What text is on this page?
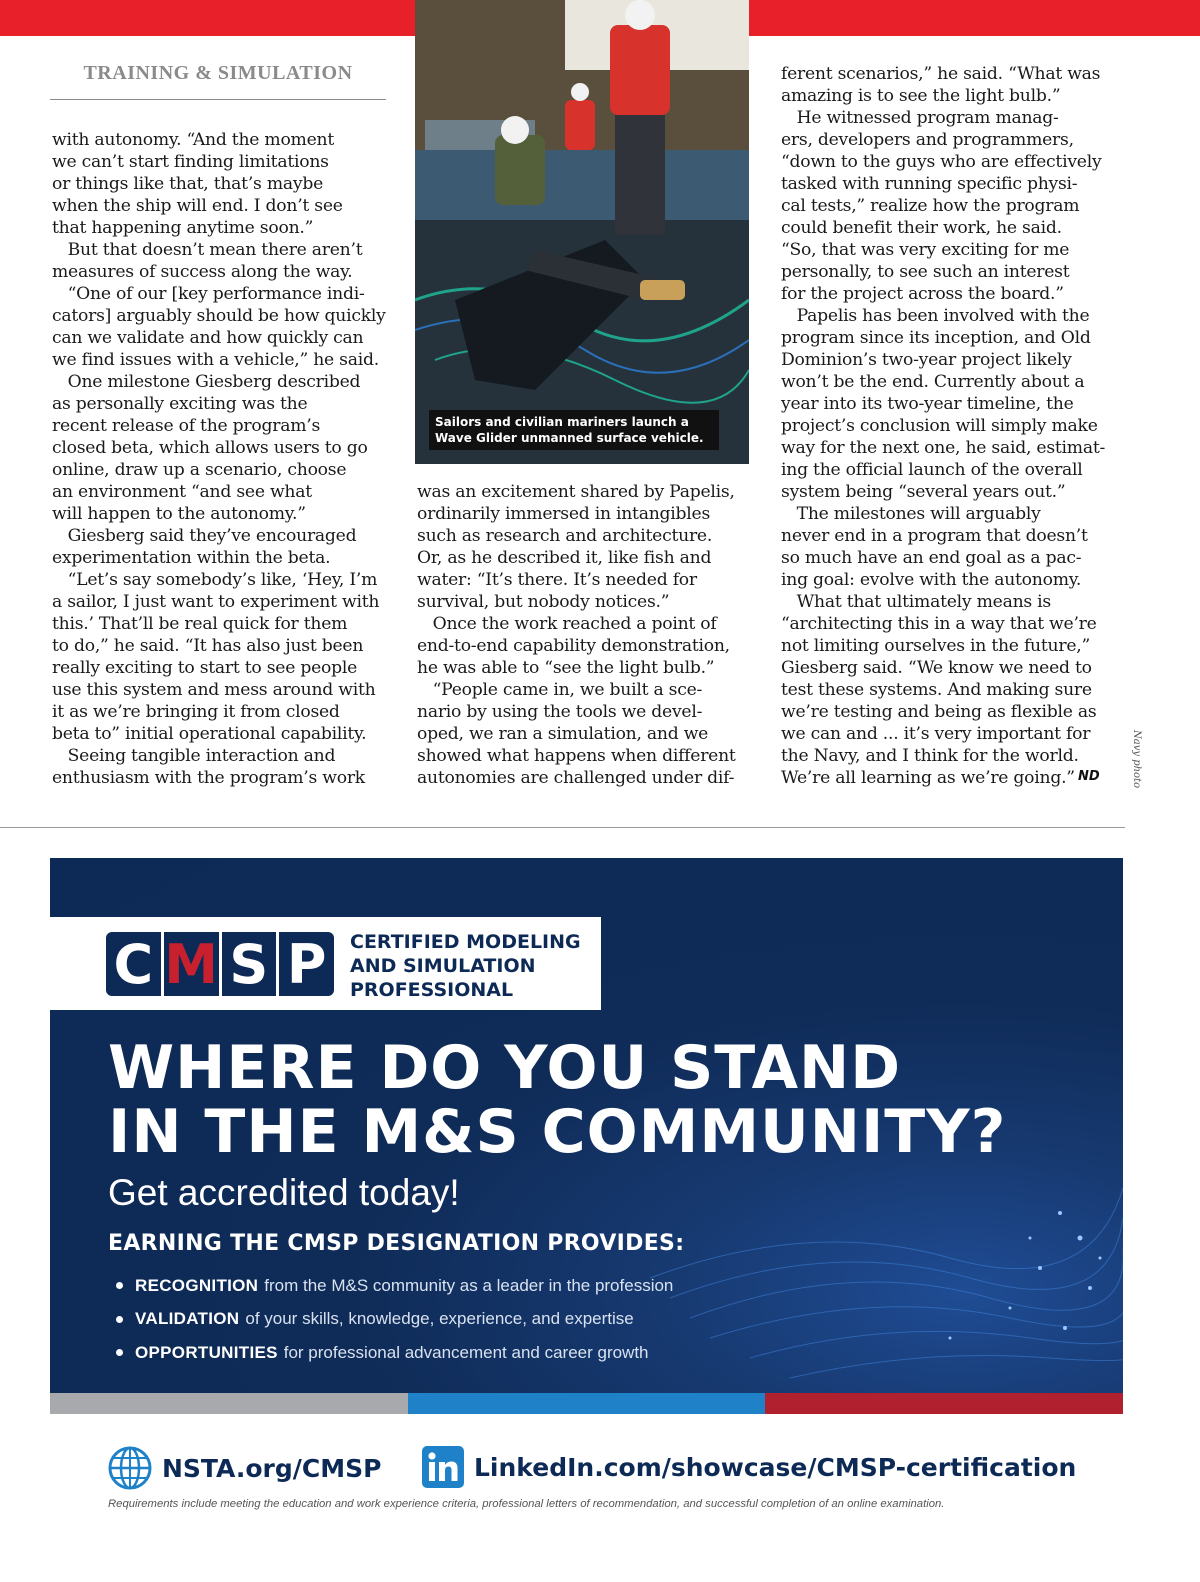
TRAINING & SIMULATION
with autonomy. “And the moment
we can’t start finding limitations
or things like that, that’s maybe
when the ship will end. I don’t see
that happening anytime soon.”
But that doesn’t mean there aren’t
measures of success along the way.
“One of our [key performance indi-
cators] arguably should be how quickly
can we validate and how quickly can
we find issues with a vehicle,” he said.
One milestone Giesberg described
as personally exciting was the
recent release of the program’s
closed beta, which allows users to go
online, draw up a scenario, choose
an environment “and see what
will happen to the autonomy.”
Giesberg said they’ve encouraged
experimentation within the beta.
“Let’s say somebody’s like, ‘Hey, I’m
a sailor, I just want to experiment with
this.’ That’ll be real quick for them
to do,” he said. “It has also just been
really exciting to start to see people
use this system and mess around with
it as we’re bringing it from closed
beta to” initial operational capability.
Seeing tangible interaction and
enthusiasm with the program’s work
was an excitement shared by Papelis,
ordinarily immersed in intangibles
such as research and architecture.
Or, as he described it, like fish and
water: “It’s there. It’s needed for
survival, but nobody notices.”
Once the work reached a point of
end-to-end capability demonstration,
he was able to “see the light bulb.”
“People came in, we built a sce-
nario by using the tools we devel-
oped, we ran a simulation, and we
showed what happens when different
autonomies are challenged under dif-
ferent scenarios,” he said. “What was
amazing is to see the light bulb.”
He witnessed program manag-
ers, developers and programmers,
“down to the guys who are effectively
tasked with running specific physi-
cal tests,” realize how the program
could benefit their work, he said.
“So, that was very exciting for me
personally, to see such an interest
for the project across the board.”
Papelis has been involved with the
program since its inception, and Old
Dominion’s two-year project likely
won’t be the end. Currently about a
year into its two-year timeline, the
project’s conclusion will simply make
way for the next one, he said, estimat-
ing the official launch of the overall
system being “several years out.”
The milestones will arguably
never end in a program that doesn’t
so much have an end goal as a pac-
ing goal: evolve with the autonomy.
What that ultimately means is
“architecting this in a way that we’re
not limiting ourselves in the future,”
Giesberg said. “We know we need to
test these systems. And making sure
we’re testing and being as flexible as
we can and ... it’s very important for
the Navy, and I think for the world.
We’re all learning as we’re going.” ND
Sailors and civilian mariners launch a Wave Glider unmanned surface vehicle.
Navy photo
C M S P	CERTIFIED MODELING
AND SIMULATION
PROFESSIONAL
WHERE DO YOU STAND
IN THE M&S COMMUNITY?
Get accredited today!
EARNING THE CMSP DESIGNATION PROVIDES:
RECOGNITION from the M&S community as a leader in the profession
VALIDATION of your skills, knowledge, experience, and expertise
OPPORTUNITIES for professional advancement and career growth
NSTA.org/CMSP	LinkedIn.com/showcase/CMSP-certification
Requirements include meeting the education and work experience criteria, professional letters of recommendation, and successful completion of an online examination.
